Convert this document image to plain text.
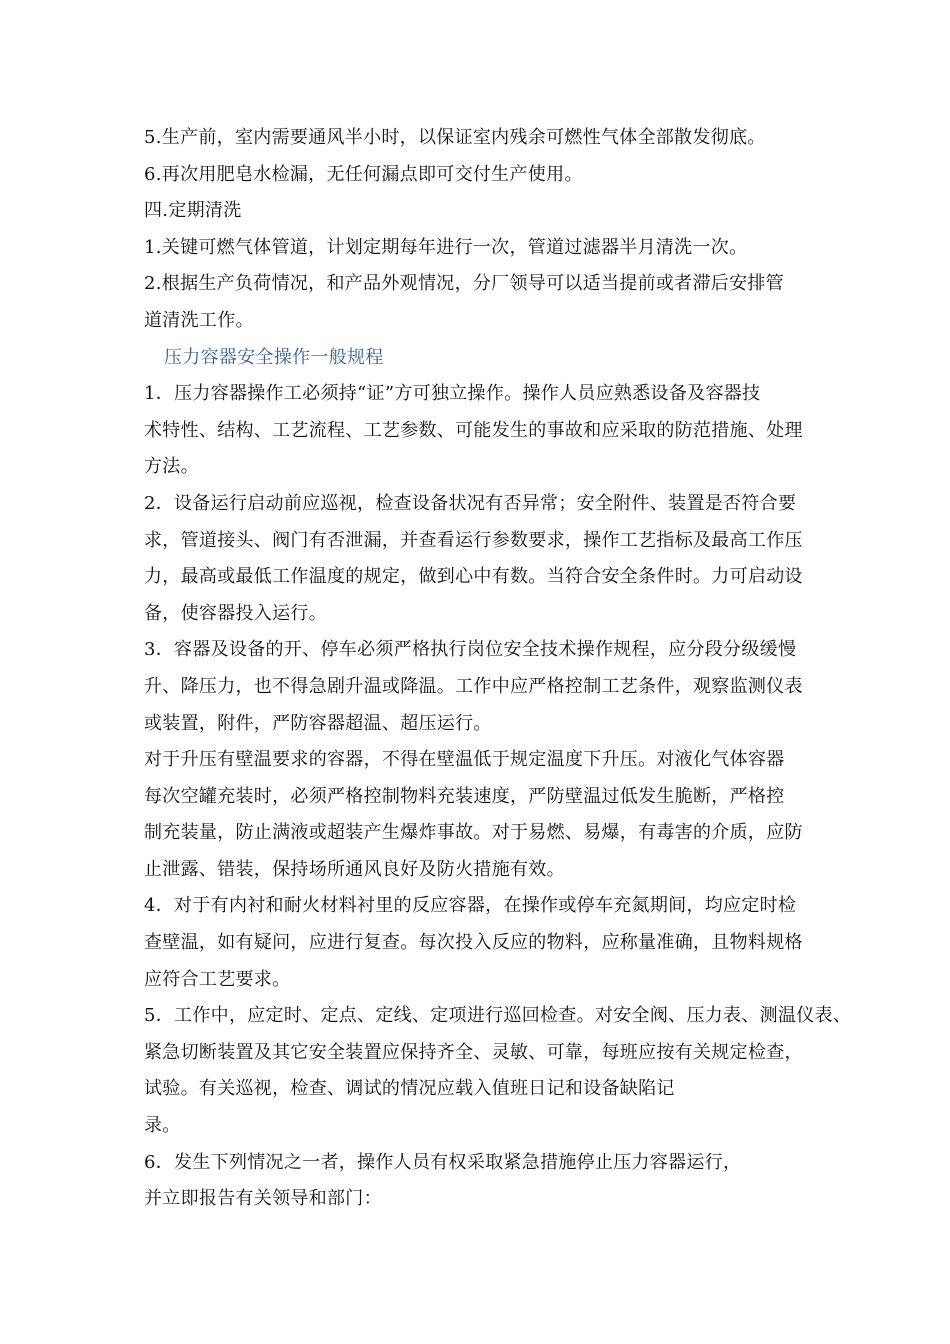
5.生产前，室内需要通风半小时，以保证室内残余可燃性气体全部散发彻底。
6.再次用肥皂水检漏，无任何漏点即可交付生产使用。
四.定期清洗
1.关键可燃气体管道，计划定期每年进行一次，管道过滤器半月清洗一次。
2.根据生产负荷情况，和产品外观情况，分厂领导可以适当提前或者滞后安排管
道清洗工作。
压力容器安全操作一般规程
1．压力容器操作工必须持“证”方可独立操作。操作人员应熟悉设备及容器技
术特性、结构、工艺流程、工艺参数、可能发生的事故和应采取的防范措施、处理
方法。
2．设备运行启动前应巡视，检查设备状况有否异常；安全附件、装置是否符合要
求，管道接头、阀门有否泄漏，并查看运行参数要求，操作工艺指标及最高工作压
力，最高或最低工作温度的规定，做到心中有数。当符合安全条件时。力可启动设
备，使容器投入运行。
3．容器及设备的开、停车必须严格执行岗位安全技术操作规程，应分段分级缓慢
升、降压力，也不得急剧升温或降温。工作中应严格控制工艺条件，观察监测仪表
或装置，附件，严防容器超温、超压运行。
对于升压有壁温要求的容器，不得在壁温低于规定温度下升压。对液化气体容器
每次空罐充装时，必须严格控制物料充装速度，严防壁温过低发生脆断，严格控
制充装量，防止满液或超装产生爆炸事故。对于易燃、易爆，有毒害的介质，应防
止泄露、错装，保持场所通风良好及防火措施有效。
4．对于有内衬和耐火材料衬里的反应容器，在操作或停车充氮期间，均应定时检
查壁温，如有疑问，应进行复查。每次投入反应的物料，应称量准确，且物料规格
应符合工艺要求。
5．工作中，应定时、定点、定线、定项进行巡回检查。对安全阀、压力表、测温仪表、
紧急切断装置及其它安全装置应保持齐全、灵敏、可靠，每班应按有关规定检查，
试验。有关巡视，检查、调试的情况应载入值班日记和设备缺陷记
录。
6．发生下列情况之一者，操作人员有权采取紧急措施停止压力容器运行，
并立即报告有关领导和部门：
